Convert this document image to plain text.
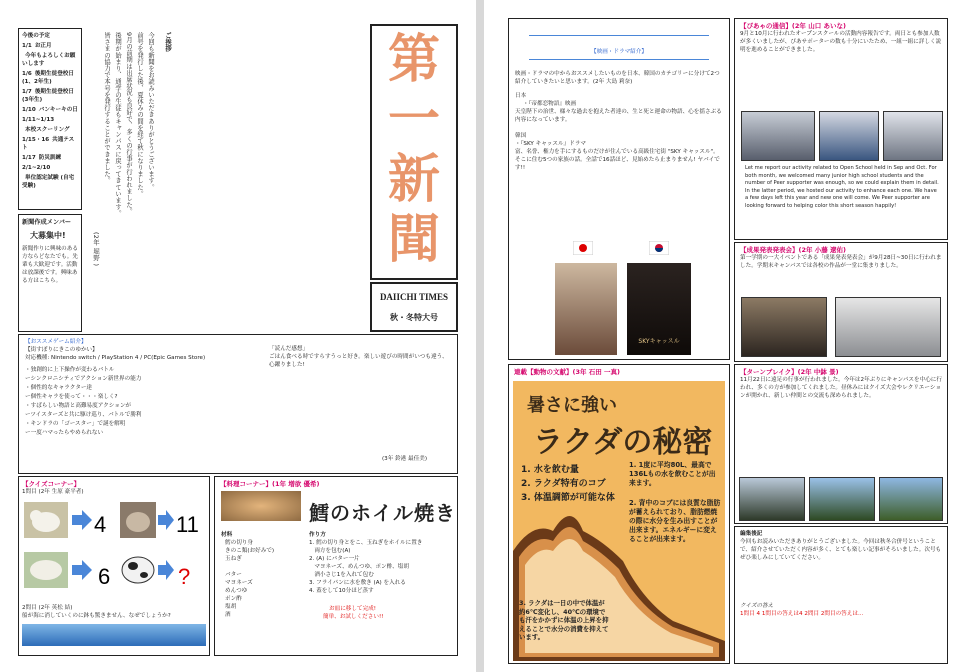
今後の予定
1/1 お正月
今年もよろしくお願いします
1/6 後期生徒登校日 (1、2年生)
1/7 後期生徒登校日 (3年生)
1/10 バンキーキの日
1/11~1/13
本校スクーリング
1/15・16 共通テスト
1/17 防災訓練
2/1~2/10
単位認定試験 (自宅受験)
新聞作成メンバー
大募集中!
新聞作りに興味のある方ならどなたでも。先輩も大歓迎です。活動は放課後です。興味ある方はこちら。
ご挨拶
今回も新聞をお読みいただきありがとうございます。
前号を発行した後、夏休みの間を経て秋になりました。
9月の前期は出席状況も良好で、多くの行事が行われました。
後期が始まり、通学の生徒もキャンパスに戻ってきています。
皆さまの協力で本号を発行することができました。
(2年 堀野 )
第
一
新
聞
DAIICHI TIMES
秋・冬特大号
【おススメゲーム紹介】
【街すぽりにきこのゆかい】
対応機種: Nintendo switch / PlayStation 4 / PC(Epic Games Store)
・独創的に上下操作が変わるバトル
ーシンクロニシティでアクション新世界の能力
・個性的なキャラクター達
ー個性キャラを使って・・・楽しく?
・すばらしい物語と高難易度アクションが
ーツイスターズと共に駆け巡り、バトルで勝利
・キンドラの「ゴースター」で謎を解明
ー一度ハマったらやめられない
「読んだ感想」
ごはん食べる時ですらすうっと好き。楽しい遊びの時間がいつも違う、心躍りました!
(3年 鈴港 最佳美)
【クイズコーナー】
1問目 (2年 生原 豪平者)
4	11
6	?
2問目 (2年 英松 結)
船が海に消していくのに鉢も驚きません、なぜでしょうか?
【料理コーナー】(1年 増欲 優希)
鱈のホイル焼き
材料
鱈の切り身
きのこ類(お好みで)
玉ねぎ
バター
マヨネーズ
めんつゆ
ポン酢
塩胡
酒
作り方
1. 鱈の切り身とをこ、玉ねぎをホイルに置き
両方を包む(A)
2. (A) にバター一片
マヨネーズ、めんつゆ、ポン酢、塩胡
酒小さじ1を入れて包む
3. フライパンに水を敷き (A) を入れる
4. 蓋をして10分ほど蒸す
お皿に移して完成!
簡単、お試しください!!
【映画・ドラマ紹介】
映画・ドラマの中からおススメしたいものを日本、韓国のカテゴリーに分けて2つ紹介していきたいと思います。(2年 大島 莉奈)
日本
・『帝都恋物語』映画
天皇陛下の治世、様々な過去を抱えた者達の、生と死と運命の物語、心を揺さぶる内容になっています。
韓国
・『SKY キャッスル』ドラマ
富、名誉、権力を手にするものだけが住んでいる高級住宅街 "SKY キャッスル"。そこに住む5つの家族の話。全話で16話ほど、見始めたら止まりません! ヤバイです!!
SKYキャッスル
【ぴあゃの通信】(2年 山口 あいな)
9月と10月に行われたオープンスクールの活動内容報告です。両日とも参加人数が多くいましたが、ぴあサポーターの数も十分にいたため、一組一組に詳しく説明を進めることができました。
Let me report our activity related to Open School held in Sep and Oct. For both month, we welcomed many junior high school students and the number of Peer supporter was enough, so we could explain them in detail. In the latter period, we hosted our activity to enhance each one. We have a few days left this year and new one will come. We Peer supporter are looking forward to helping color this short season happily!
【成果発表発表会】(2年 小藤 遼佑)
第一学期の一大イベントである「成果発表発表会」が9月28日~30日に行われました。学期末キャンパスでは各校の作品が一堂に集まりました。
連載【動物の文献】(3年 石田 一真)
暑さに強い
ラクダの秘密
1. 水を飲む量
2. ラクダ特有のコブ
3. 体温調節が可能な体
1. 1度に平均80L、最高で136Lもの水を飲むことが出来ます。
2. 背中のコブには良質な脂肪が蓄えられており、脂肪燃焼の際に水分を生み出すことが出来ます。エネルギーに変えることが出来ます。
3. ラクダは一日の中で体温が約6℃変化し、40℃の環境でも汗をかかずに体温の上昇を抑えることで水分の消費を抑えています。
【ターンブレイク】(2年 中鉢 景)
11月22日に遠足の行事が行われました。今年は2年ぶりにキャンパスを中心に行われ、多くの方が参加してくれました。昼休みにはクイズ大会やレクリエーションが開かれ、新しい仲間との交流も深められました。
編集後記
今回もお読みいただきありがとうございました。今回は秋冬合併号ということで、紹介させていただく内容が多く、とても楽しい記事がそろいました。次号もぜひ楽しみにしていてください。
クイズの答え
1問目 4 1問目の答えは4 2問目 2問目の答えは...
